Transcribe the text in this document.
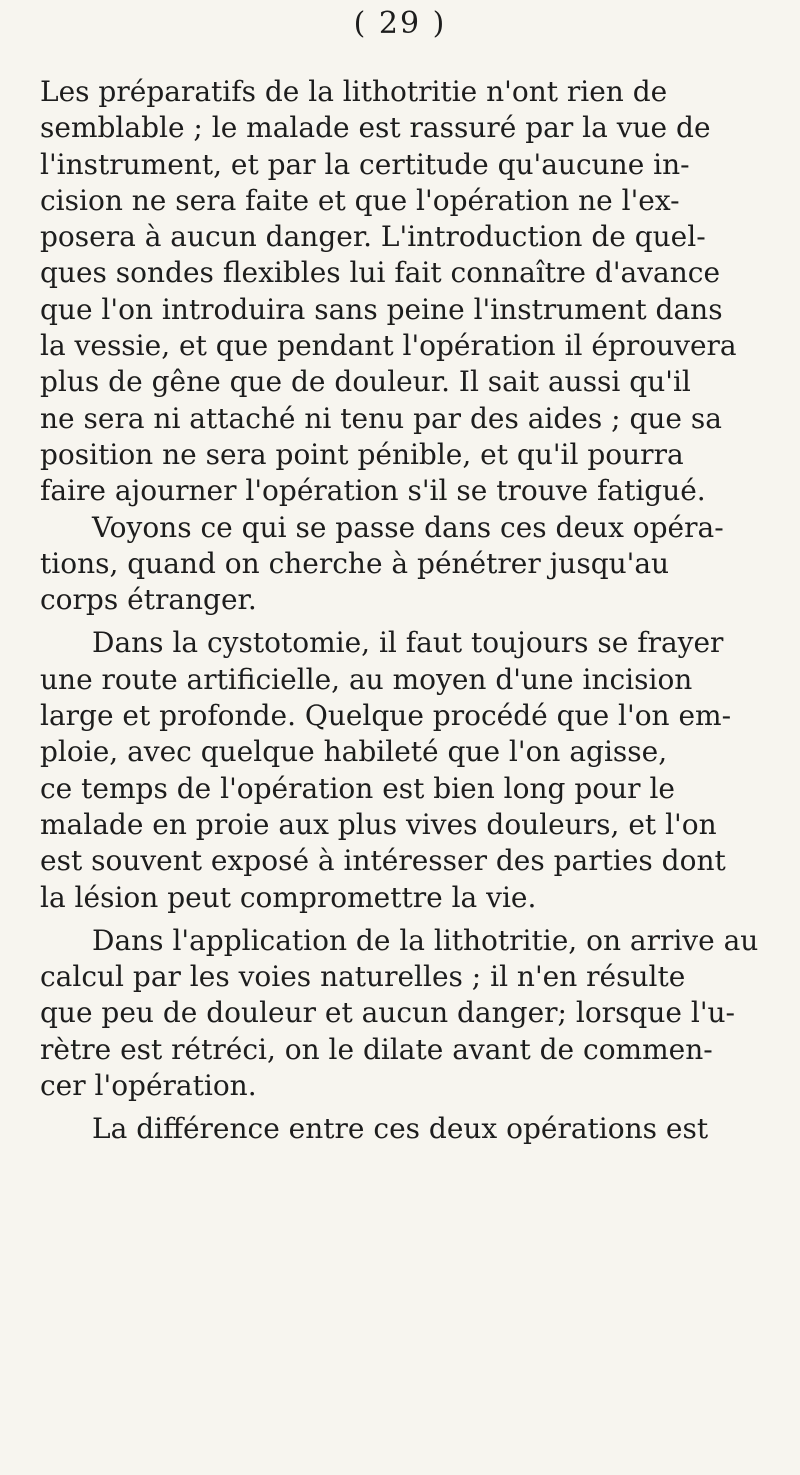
( 29 )
Les préparatifs de la lithotritie n'ont rien de
semblable ; le malade est rassuré par la vue de
l'instrument, et par la certitude qu'aucune in-
cision ne sera faite et que l'opération ne l'ex-
posera à aucun danger. L'introduction de quel-
ques sondes flexibles lui fait connaître d'avance
que l'on introduira sans peine l'instrument dans
la vessie, et que pendant l'opération il éprouvera
plus de gêne que de douleur. Il sait aussi qu'il
ne sera ni attaché ni tenu par des aides ; que sa
position ne sera point pénible, et qu'il pourra
faire ajourner l'opération s'il se trouve fatigué.
Voyons ce qui se passe dans ces deux opéra-
tions, quand on cherche à pénétrer jusqu'au
corps étranger.
Dans la cystotomie, il faut toujours se frayer
une route artificielle, au moyen d'une incision
large et profonde. Quelque procédé que l'on em-
ploie, avec quelque habileté que l'on agisse,
ce temps de l'opération est bien long pour le
malade en proie aux plus vives douleurs, et l'on
est souvent exposé à intéresser des parties dont
la lésion peut compromettre la vie.
Dans l'application de la lithotritie, on arrive au
calcul par les voies naturelles ; il n'en résulte
que peu de douleur et aucun danger; lorsque l'u-
rètre est rétréci, on le dilate avant de commen-
cer l'opération.
La différence entre ces deux opérations est
